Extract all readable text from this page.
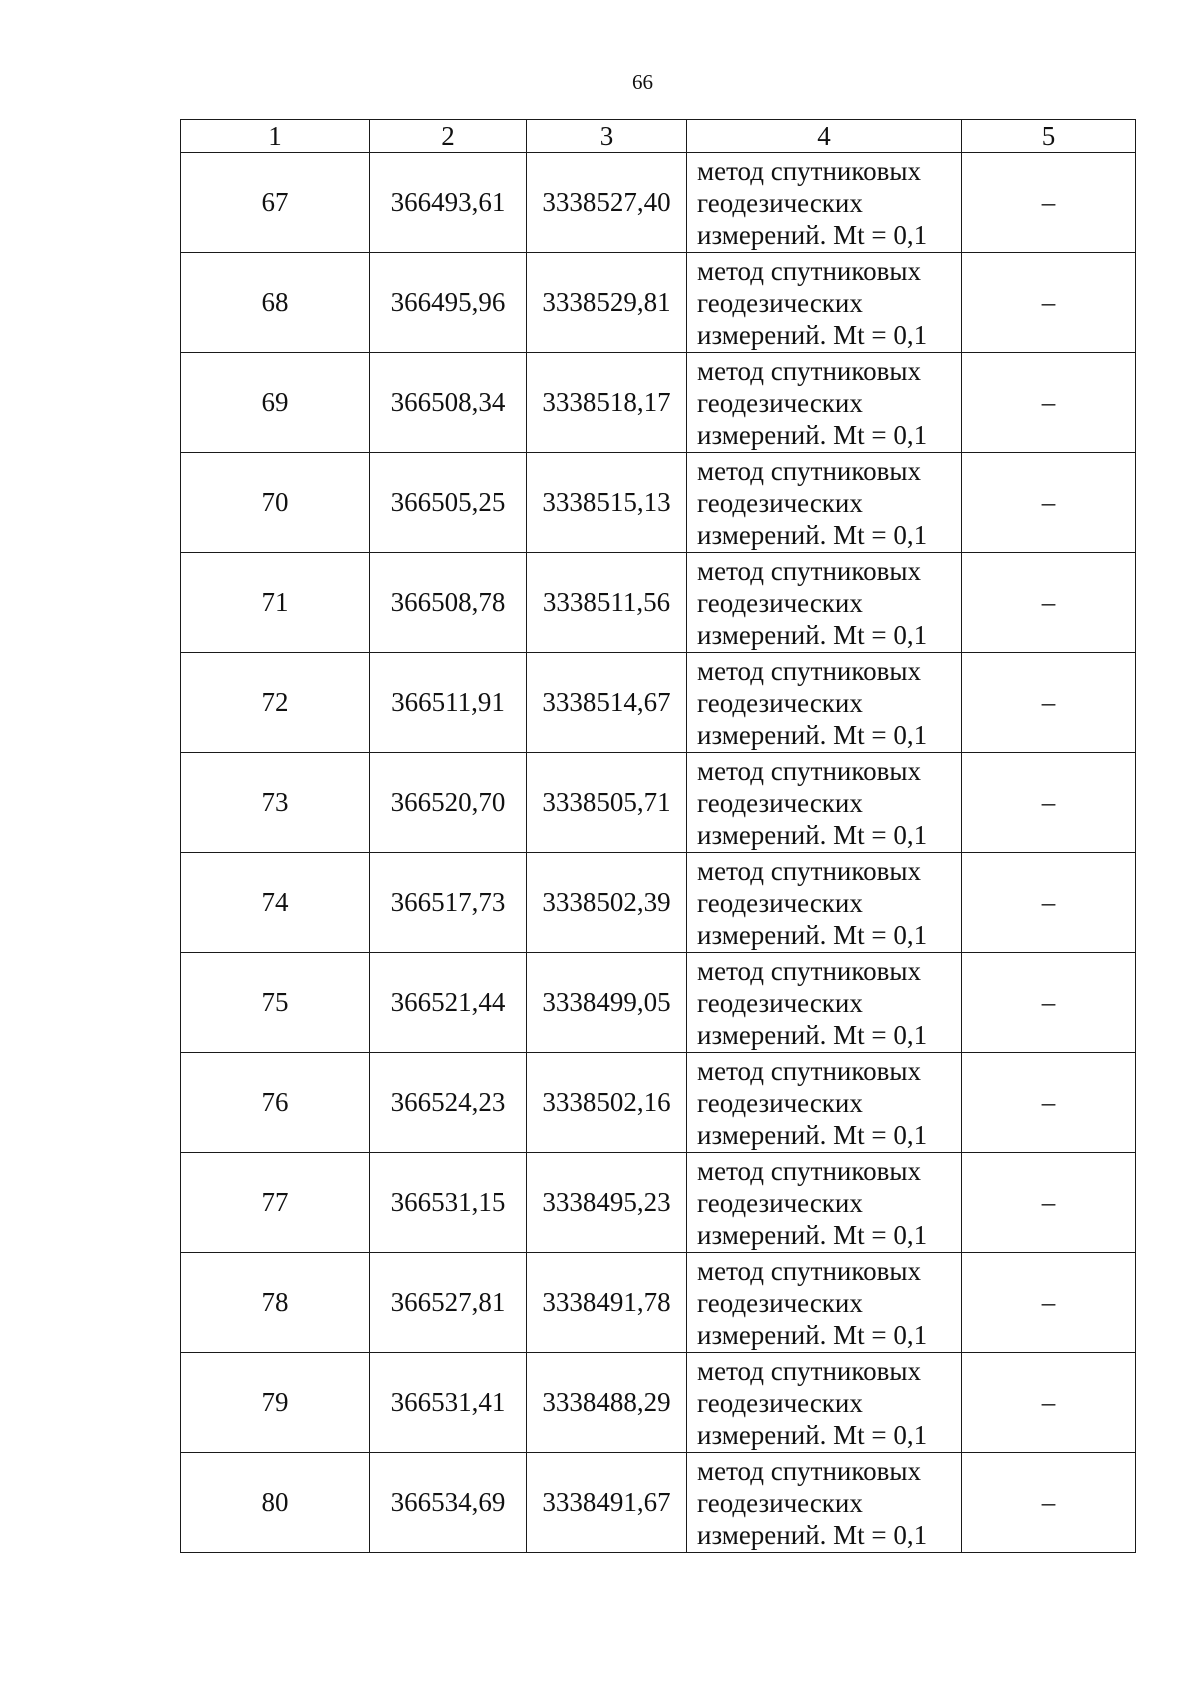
66
1	2	3	4	5
67	366493,61	3338527,40	метод спутниковых
геодезических
измерений. Mt = 0,1	–
68	366495,96	3338529,81	метод спутниковых
геодезических
измерений. Mt = 0,1	–
69	366508,34	3338518,17	метод спутниковых
геодезических
измерений. Mt = 0,1	–
70	366505,25	3338515,13	метод спутниковых
геодезических
измерений. Mt = 0,1	–
71	366508,78	3338511,56	метод спутниковых
геодезических
измерений. Mt = 0,1	–
72	366511,91	3338514,67	метод спутниковых
геодезических
измерений. Mt = 0,1	–
73	366520,70	3338505,71	метод спутниковых
геодезических
измерений. Mt = 0,1	–
74	366517,73	3338502,39	метод спутниковых
геодезических
измерений. Mt = 0,1	–
75	366521,44	3338499,05	метод спутниковых
геодезических
измерений. Mt = 0,1	–
76	366524,23	3338502,16	метод спутниковых
геодезических
измерений. Mt = 0,1	–
77	366531,15	3338495,23	метод спутниковых
геодезических
измерений. Mt = 0,1	–
78	366527,81	3338491,78	метод спутниковых
геодезических
измерений. Mt = 0,1	–
79	366531,41	3338488,29	метод спутниковых
геодезических
измерений. Mt = 0,1	–
80	366534,69	3338491,67	метод спутниковых
геодезических
измерений. Mt = 0,1	–
